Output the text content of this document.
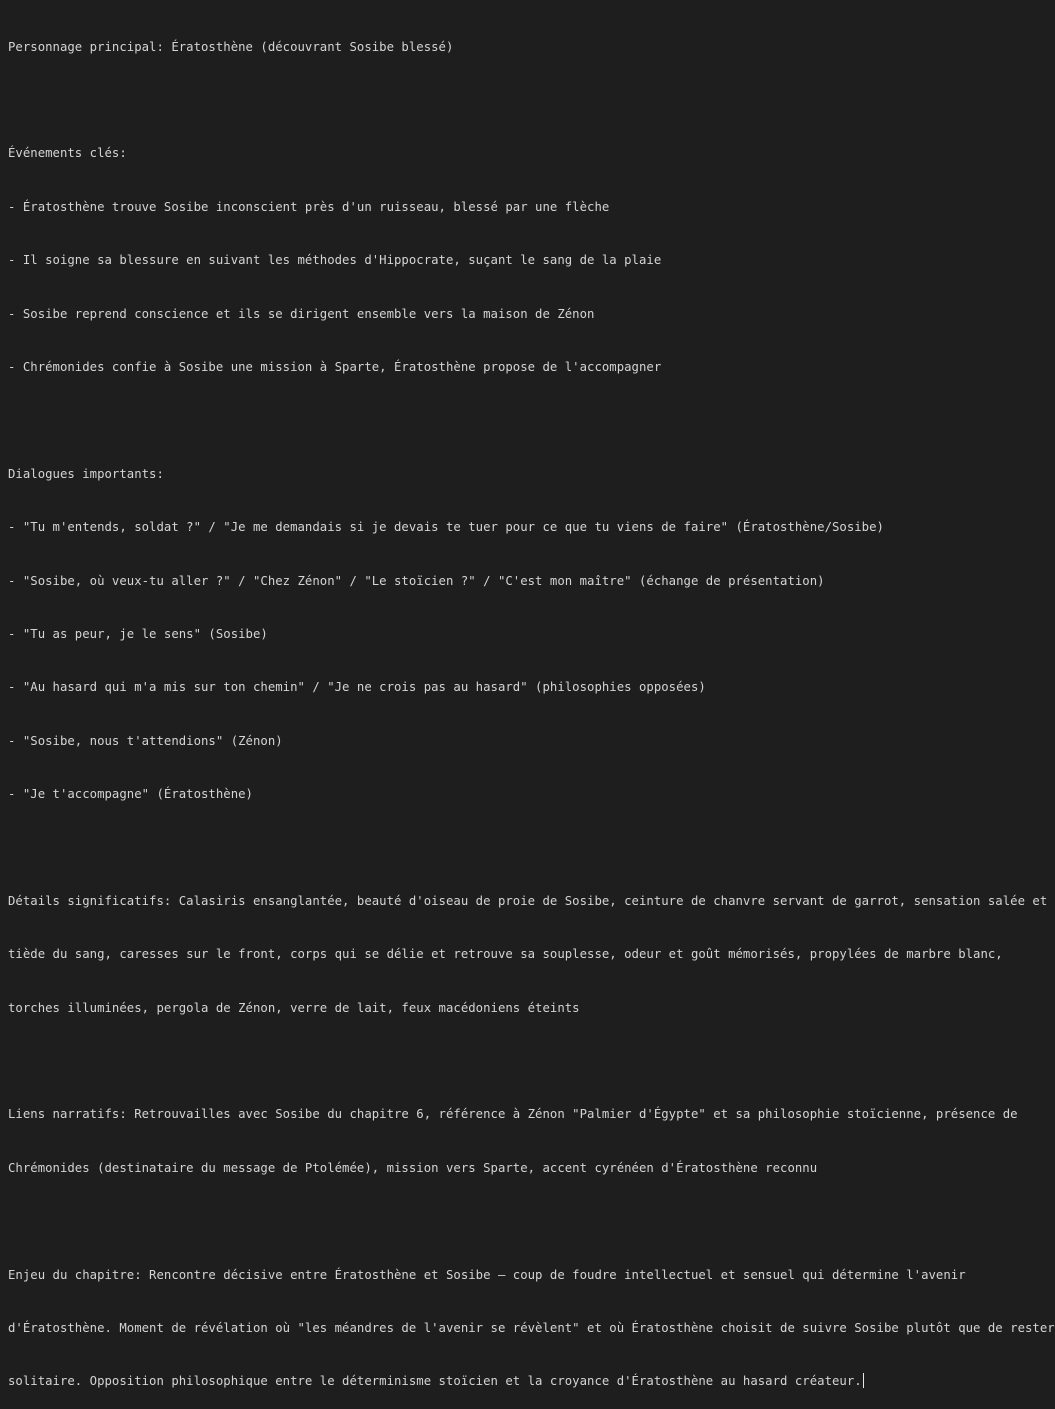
Personnage principal: Ératosthène (découvrant Sosibe blessé)

Événements clés:

- Ératosthène trouve Sosibe inconscient près d'un ruisseau, blessé par une flèche

- Il soigne sa blessure en suivant les méthodes d'Hippocrate, suçant le sang de la plaie

- Sosibe reprend conscience et ils se dirigent ensemble vers la maison de Zénon

- Chrémonides confie à Sosibe une mission à Sparte, Ératosthène propose de l'accompagner

Dialogues importants:

- "Tu m'entends, soldat ?" / "Je me demandais si je devais te tuer pour ce que tu viens de faire" (Ératosthène/Sosibe)

- "Sosibe, où veux-tu aller ?" / "Chez Zénon" / "Le stoïcien ?" / "C'est mon maître" (échange de présentation)

- "Tu as peur, je le sens" (Sosibe)

- "Au hasard qui m'a mis sur ton chemin" / "Je ne crois pas au hasard" (philosophies opposées)

- "Sosibe, nous t'attendions" (Zénon)

- "Je t'accompagne" (Ératosthène)

Détails significatifs: Calasiris ensanglantée, beauté d'oiseau de proie de Sosibe, ceinture de chanvre servant de garrot, sensation salée et

tiède du sang, caresses sur le front, corps qui se délie et retrouve sa souplesse, odeur et goût mémorisés, propylées de marbre blanc,

torches illuminées, pergola de Zénon, verre de lait, feux macédoniens éteints

Liens narratifs: Retrouvailles avec Sosibe du chapitre 6, référence à Zénon "Palmier d'Égypte" et sa philosophie stoïcienne, présence de

Chrémonides (destinataire du message de Ptolémée), mission vers Sparte, accent cyrénéen d'Ératosthène reconnu

Enjeu du chapitre: Rencontre décisive entre Ératosthène et Sosibe – coup de foudre intellectuel et sensuel qui détermine l'avenir

d'Ératosthène. Moment de révélation où "les méandres de l'avenir se révèlent" et où Ératosthène choisit de suivre Sosibe plutôt que de rester

solitaire. Opposition philosophique entre le déterminisme stoïcien et la croyance d'Ératosthène au hasard créateur.
